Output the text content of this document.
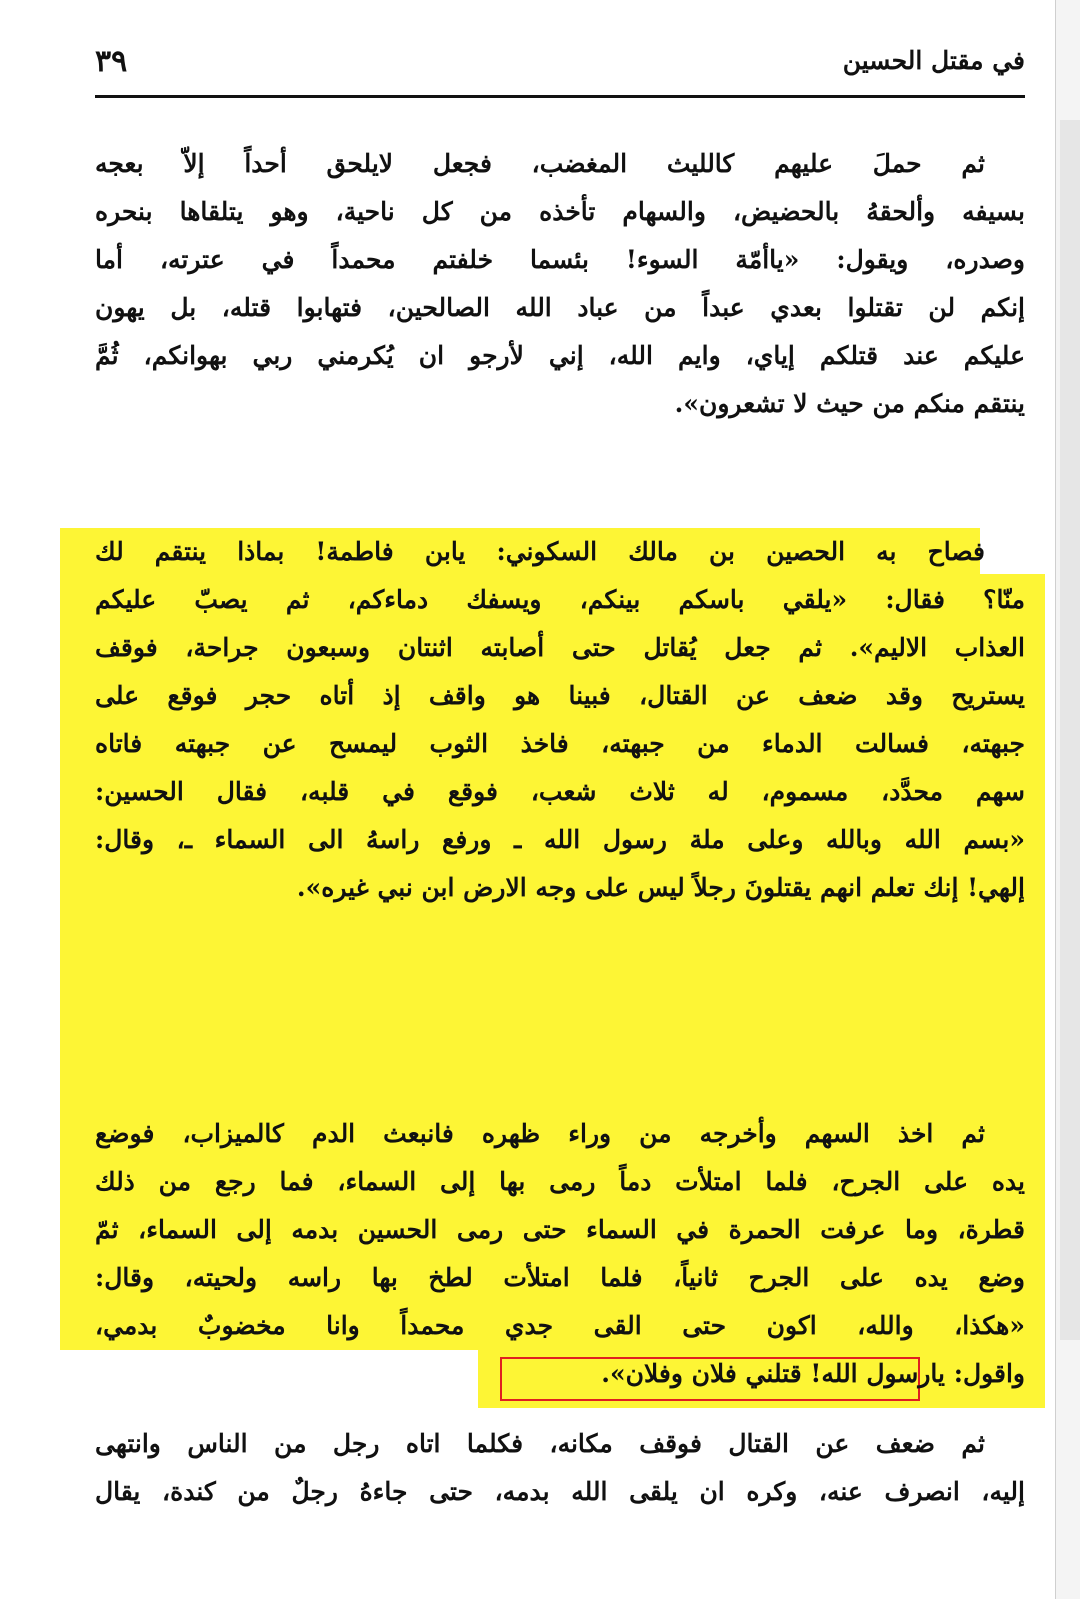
٣٩	في مقتل الحسين
ثم حملَ عليهم كالليث المغضب، فجعل لايلحق أحداً إلاّ بعجه
بسيفه وألحقهُ بالحضيض، والسهام تأخذه من كل ناحية، وهو يتلقاها بنحره
وصدره، ويقول: «ياأمّة السوء! بئسما خلفتم محمداً في عترته، أما
إنكم لن تقتلوا بعدي عبداً من عباد الله الصالحين، فتهابوا قتله، بل يهون
عليكم عند قتلكم إياي، وايم الله، إني لأرجو ان يُكرمني ربي بهوانكم، ثُمَّ
ينتقم منكم من حيث لا تشعرون».
فصاح به الحصين بن مالك السكوني: يابن فاطمة! بماذا ينتقم لك
منّا؟ فقال: «يلقي باسكم بينكم، ويسفك دماءكم، ثم يصبّ عليكم
العذاب الاليم». ثم جعل يُقاتل حتى أصابته اثنتان وسبعون جراحة، فوقف
يستريح وقد ضعف عن القتال، فبينا هو واقف إذ أتاه حجر فوقع على
جبهته، فسالت الدماء من جبهته، فاخذ الثوب ليمسح عن جبهته فاتاه
سهم محدَّد، مسموم، له ثلاث شعب، فوقع في قلبه، فقال الحسين:
«بسم الله وبالله وعلى ملة رسول الله ـ ورفع راسهُ الى السماء ـ، وقال:
إلهي! إنك تعلم انهم يقتلونَ رجلاً ليس على وجه الارض ابن نبي غيره».
ثم اخذ السهم وأخرجه من وراء ظهره فانبعث الدم كالميزاب، فوضع
يده على الجرح، فلما امتلأت دماً رمى بها إلى السماء، فما رجع من ذلك
قطرة، وما عرفت الحمرة في السماء حتى رمى الحسين بدمه إلى السماء، ثمّ
وضع يده على الجرح ثانياً، فلما امتلأت لطخ بها راسه ولحيته، وقال:
«هكذا، والله، اكون حتى القى جدي محمداً وانا مخضوبٌ بدمي،
واقول: يارسول الله! قتلني فلان وفلان».
ثم ضعف عن القتال فوقف مكانه، فكلما اتاه رجل من الناس وانتهى
إليه، انصرف عنه، وكره ان يلقى الله بدمه، حتى جاءهُ رجلٌ من كندة، يقال
